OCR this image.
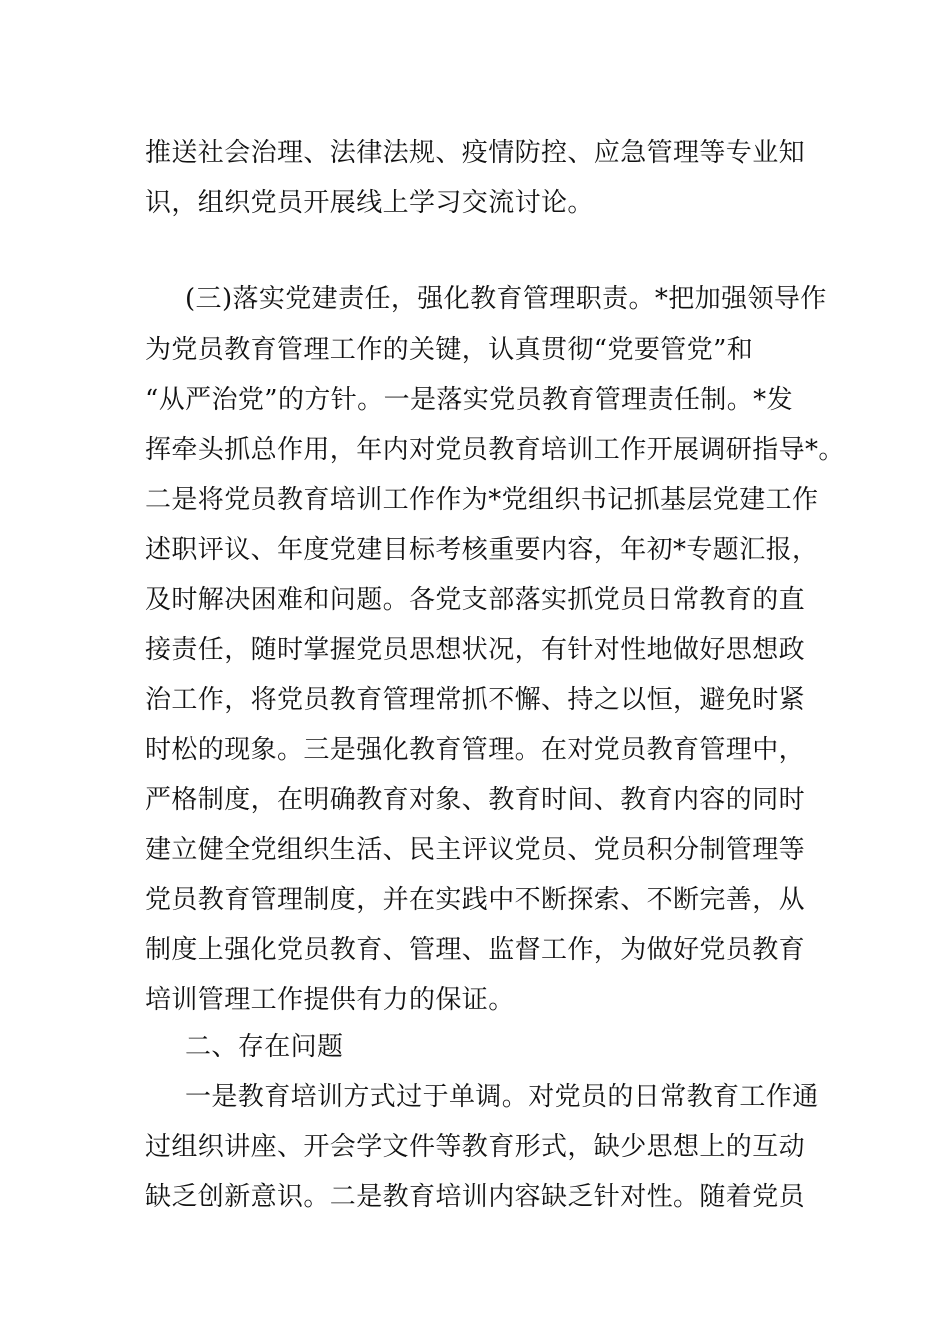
推送社会治理、法律法规、疫情防控、应急管理等专业知
识，组织党员开展线上学习交流讨论。
(三)落实党建责任，强化教育管理职责。*把加强领导作
为党员教育管理工作的关键，认真贯彻“党要管党”和
“从严治党”的方针。一是落实党员教育管理责任制。*发
挥牵头抓总作用，年内对党员教育培训工作开展调研指导*。
二是将党员教育培训工作作为*党组织书记抓基层党建工作
述职评议、年度党建目标考核重要内容，年初*专题汇报，
及时解决困难和问题。各党支部落实抓党员日常教育的直
接责任，随时掌握党员思想状况，有针对性地做好思想政
治工作，将党员教育管理常抓不懈、持之以恒，避免时紧
时松的现象。三是强化教育管理。在对党员教育管理中，
严格制度，在明确教育对象、教育时间、教育内容的同时
建立健全党组织生活、民主评议党员、党员积分制管理等
党员教育管理制度，并在实践中不断探索、不断完善，从
制度上强化党员教育、管理、监督工作，为做好党员教育
培训管理工作提供有力的保证。
二、存在问题
一是教育培训方式过于单调。对党员的日常教育工作通
过组织讲座、开会学文件等教育形式，缺少思想上的互动
缺乏创新意识。二是教育培训内容缺乏针对性。随着党员
